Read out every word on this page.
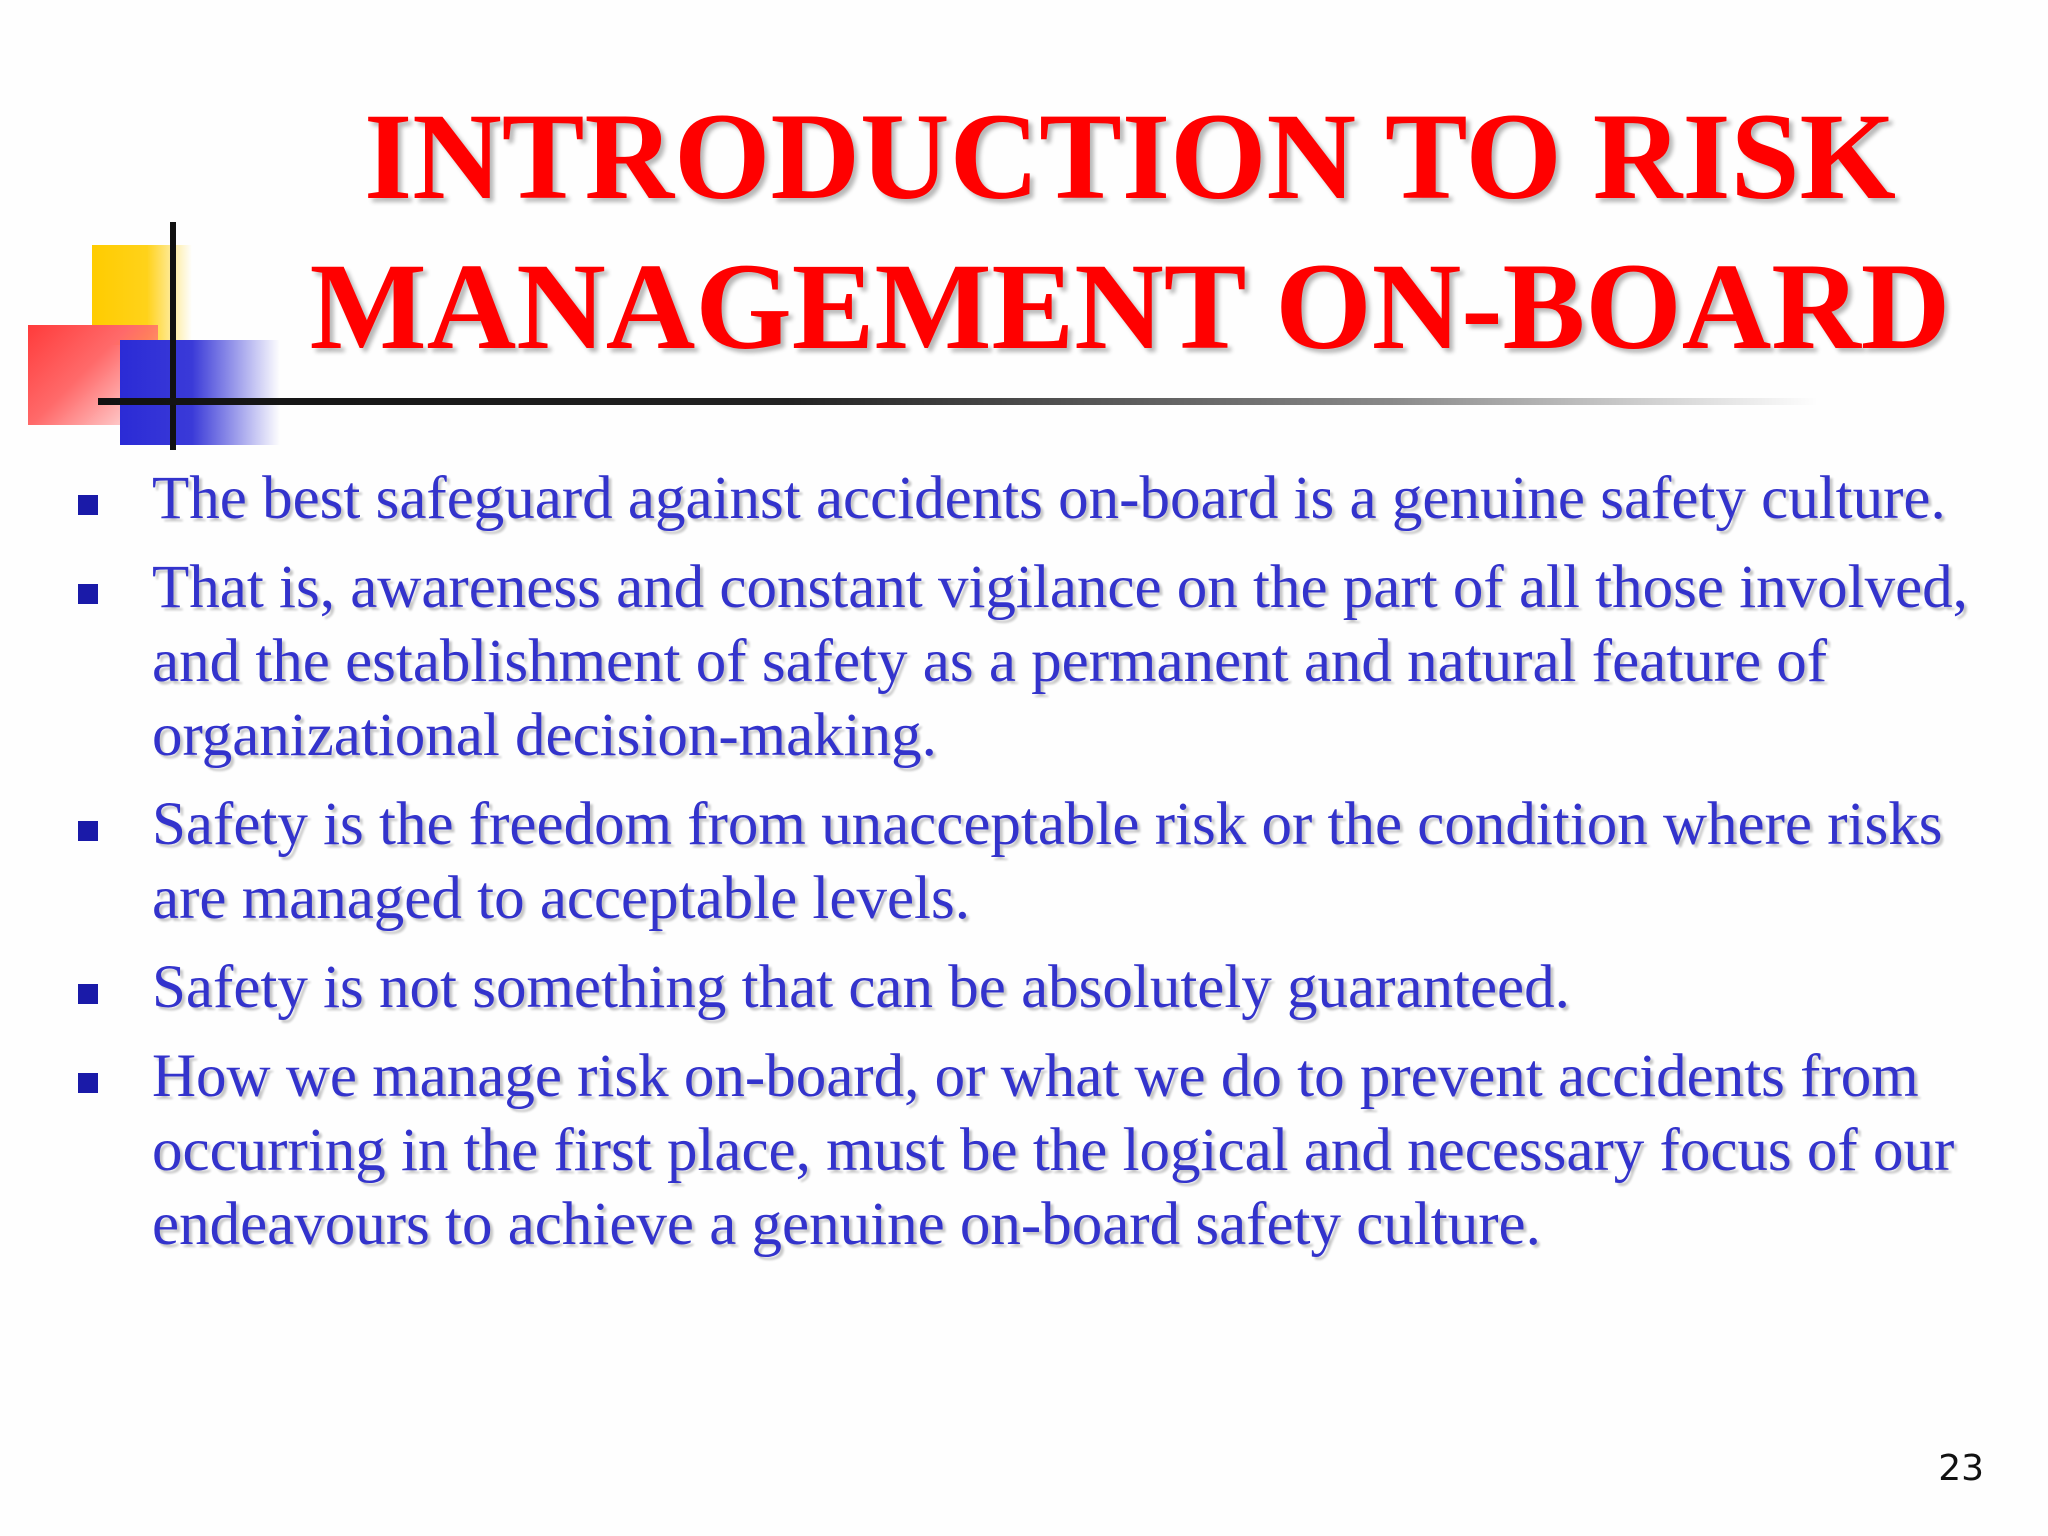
INTRODUCTION TO RISK
MANAGEMENT ON-BOARD
The best safeguard against accidents on-board is a genuine safety culture.
That is, awareness and constant vigilance on the part of all those involved, and the establishment of safety as a permanent and natural feature of organizational decision-making.
Safety is the freedom from unacceptable risk or the condition where risks are managed to acceptable levels.
Safety is not something that can be absolutely guaranteed.
How we manage risk on-board, or what we do to prevent accidents from occurring in the first place, must be the logical and necessary focus of our endeavours to achieve a genuine on-board safety culture.
23
